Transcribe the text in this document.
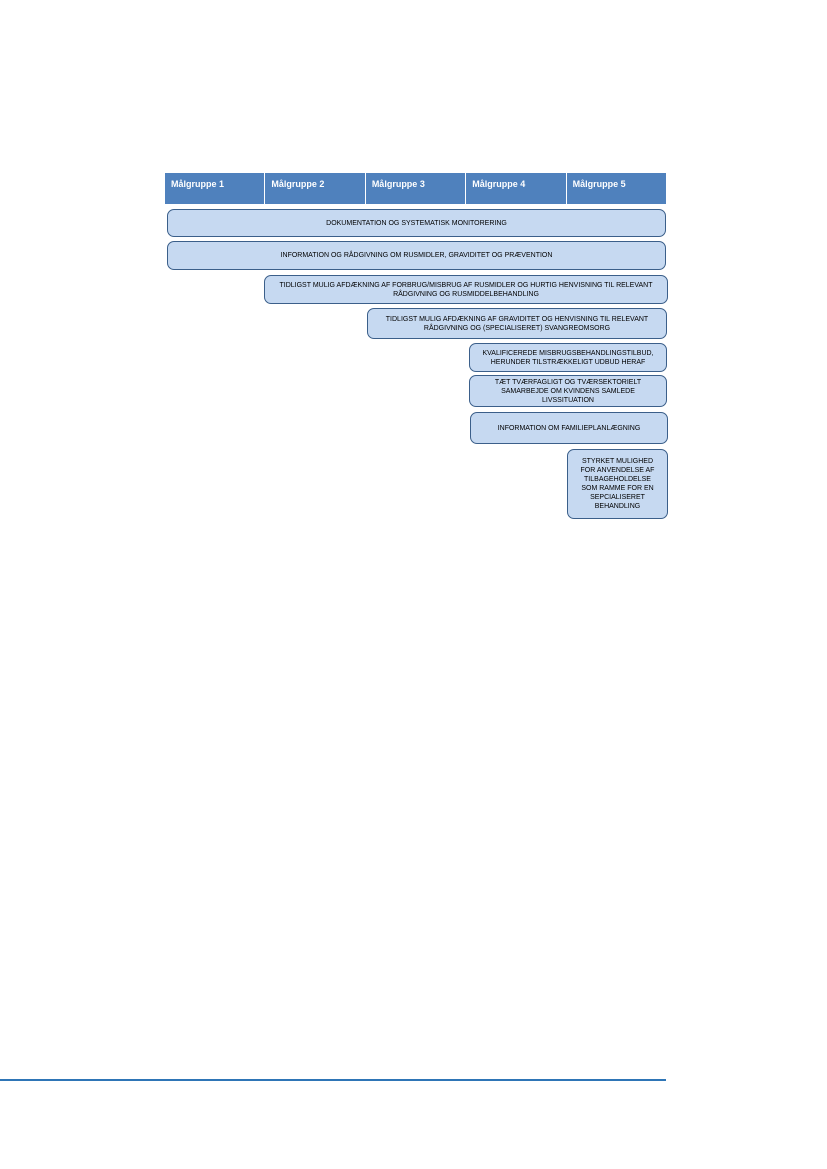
Målgruppe 1	Målgruppe 2	Målgruppe 3	Målgruppe 4	Målgruppe 5
DOKUMENTATION OG SYSTEMATISK MONITORERING
INFORMATION OG RÅDGIVNING OM RUSMIDLER, GRAVIDITET OG PRÆVENTION
TIDLIGST MULIG AFDÆKNING AF FORBRUG/MISBRUG AF RUSMIDLER OG HURTIG HENVISNING TIL RELEVANT RÅDGIVNING OG RUSMIDDELBEHANDLING
TIDLIGST MULIG AFDÆKNING AF GRAVIDITET OG HENVISNING TIL RELEVANT RÅDGIVNING OG (SPECIALISERET) SVANGREOMSORG
KVALIFICEREDE MISBRUGSBEHANDLINGSTILBUD, HERUNDER TILSTRÆKKELIGT UDBUD HERAF
TÆT TVÆRFAGLIGT OG TVÆRSEKTORIELT SAMARBEJDE OM KVINDENS SAMLEDE LIVSSITUATION
INFORMATION OM FAMILIEPLANLÆGNING
STYRKET MULIGHED FOR ANVENDELSE AF TILBAGEHOLDELSE SOM RAMME FOR EN SEPCIALISERET BEHANDLING
